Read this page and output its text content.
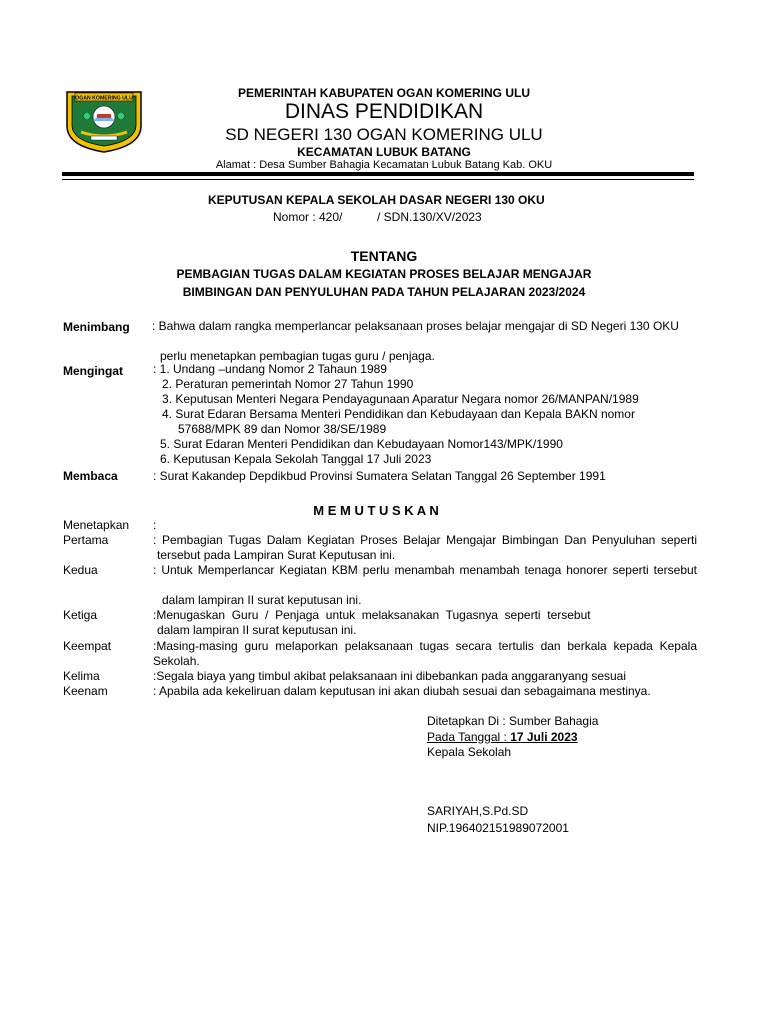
OGAN KOMERING ULU	PEMERINTAH KABUPATEN OGAN KOMERING ULU
DINAS PENDIDIKAN
SD NEGERI 130 OGAN KOMERING ULU
KECAMATAN LUBUK BATANG
Alamat : Desa Sumber Bahagia Kecamatan Lubuk Batang Kab. OKU
KEPUTUSAN KEPALA SEKOLAH DASAR NEGERI 130 OKU
Nomor : 420/	/ SDN.130/XV/2023
TENTANG
PEMBAGIAN TUGAS DALAM KEGIATAN PROSES BELAJAR MENGAJAR
BIMBINGAN DAN PENYULUHAN PADA TAHUN PELAJARAN 2023/2024
Menimbang : Bahwa dalam rangka memperlancar pelaksanaan proses belajar mengajar di SD Negeri 130 OKU
perlu menetapkan pembagian tugas guru / penjaga.
Mengingat	: 1. Undang –undang Nomor 2 Tahaun 1989
2. Peraturan pemerintah Nomor 27 Tahun 1990
3. Keputusan Menteri Negara Pendayagunaan Aparatur Negara nomor 26/MANPAN/1989
4. Surat Edaran Bersama Menteri Pendidikan dan Kebudayaan dan Kepala BAKN nomor
57688/MPK 89 dan Nomor 38/SE/1989
5. Surat Edaran Menteri Pendidikan dan Kebudayaan Nomor143/MPK/1990
6. Keputusan Kepala Sekolah Tanggal 17 Juli 2023
Membaca	: Surat Kakandep Depdikbud Provinsi Sumatera Selatan Tanggal 26 September 1991
M E M U T U S K A N
Menetapkan :
Pertama	: Pembagian Tugas Dalam Kegiatan Proses Belajar Mengajar Bimbingan Dan Penyuluhan seperti
tersebut pada Lampiran Surat Keputusan ini.
Kedua	: Untuk Memperlancar Kegiatan KBM perlu menambah menambah tenaga honorer seperti tersebut
dalam lampiran II surat keputusan ini.
Ketiga	:Menugaskan  Guru  /  Penjaga  untuk  melaksanakan  Tugasnya  seperti  tersebut
dalam lampiran II surat keputusan ini.
Keempat	:Masing-masing guru melaporkan pelaksanaan tugas secara tertulis dan berkala kepada Kepala
Sekolah.
Kelima	:Segala biaya yang timbul akibat pelaksanaan ini dibebankan pada anggaranyang sesuai
Keenam	: Apabila ada kekeliruan dalam keputusan ini akan diubah sesuai dan sebagaimana mestinya.
Ditetapkan Di : Sumber Bahagia
Pada Tanggal : 17 Juli 2023
Kepala Sekolah
SARIYAH,S.Pd.SD
NIP.196402151989072001
